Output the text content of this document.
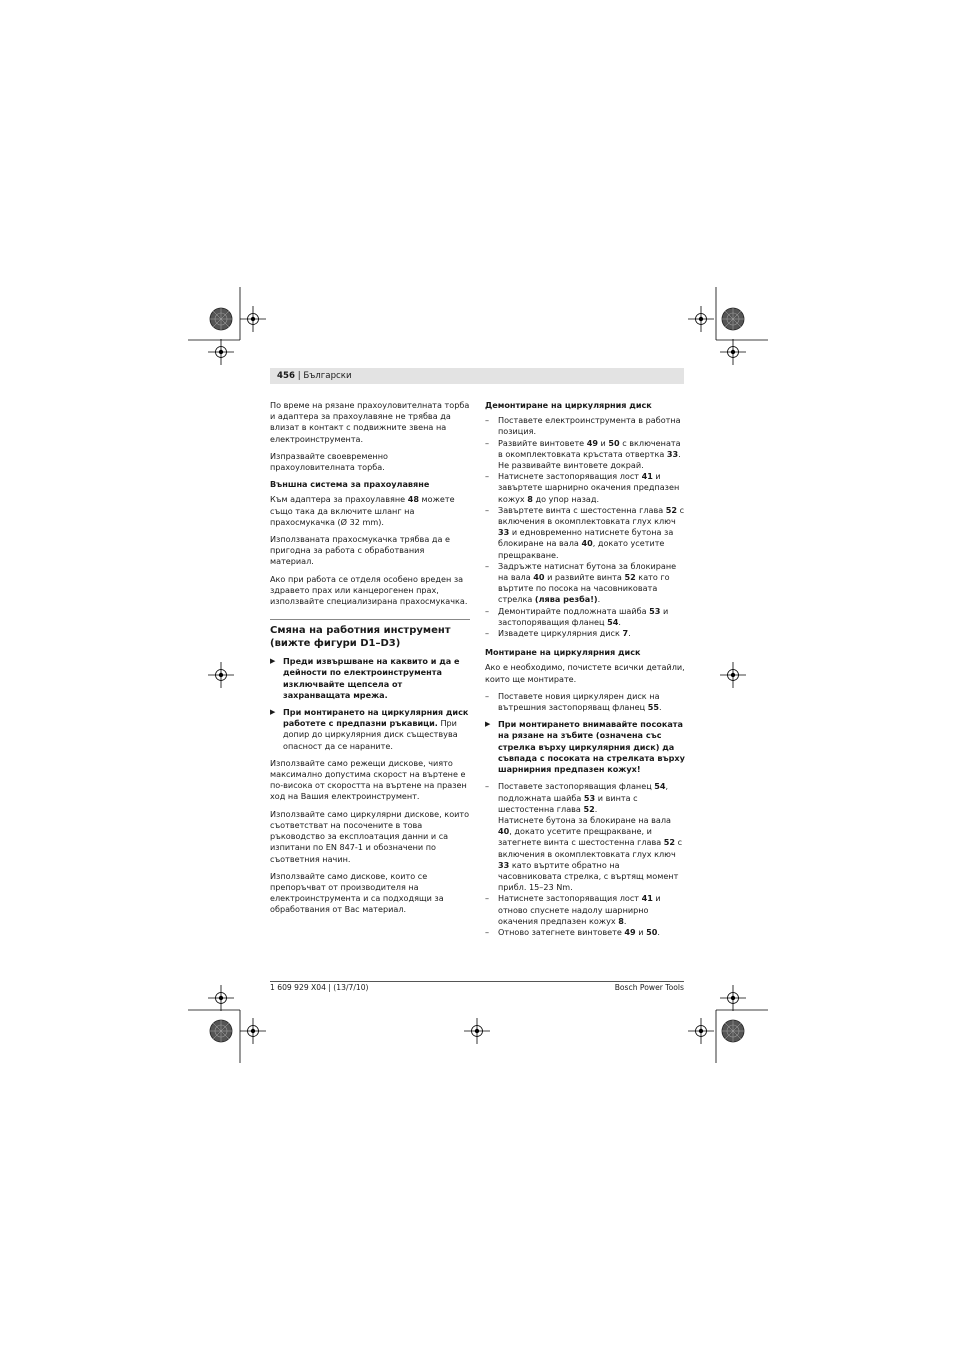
456 | Български

По време на рязане прахоуловителната торба и адаптера за прахоулавяне не трябва да влизат в контакт с подвижните звена на електроинструмента.

Изпразвайте своевременно прахоуловителната торба.

Външна система за прахоулавяне

Към адаптера за прахоулавяне 48 можете също така да включите шланг на прахосмукачка (Ø 32 mm).

Използваната прахосмукачка трябва да е пригодна за работа с обработвания материал.

Ако при работа се отделя особено вреден за здравето прах или канцерогенен прах, използвайте специализирана прахосмукачка.

Смяна на работния инструмент (вижте фигури D1–D3)
▶ Преди извършване на каквито и да е дейности по електроинструмента изключвайте щепсела от захранващата мрежа.
▶ При монтирането на циркулярния диск работете с предпазни ръкавици. При допир до циркулярния диск съществува опасност да се нараните.

Използвайте само режещи дискове, чиято максимално допустима скорост на въртене е по-висока от скоростта на въртене на празен ход на Вашия електроинструмент.

Използвайте само циркулярни дискове, които съответстват на посочените в това ръководство за експлоатация данни и са изпитани по EN 847-1 и обозначени по съответния начин.

Използвайте само дискове, които се препоръчват от производителя на електроинструмента и са подходящи за обработвания от Вас материал.

Демонтиране на циркулярния диск
– Поставете електроинструмента в работна позиция.
– Развийте винтовете 49 и 50 с включената в окомплектовката кръстата отвертка 33.
Не развивайте винтовете докрай.
– Натиснете застопоряващия лост 41 и завъртете шарнирно окачения предпазен кожух 8 до упор назад.
– Завъртете винта с шестостенна глава 52 с включения в окомплектовката глух ключ 33 и едновременно натиснете бутона за блокиране на вала 40, докато усетите прещракване.
– Задръжте натиснат бутона за блокиране на вала 40 и развийте винта 52 като го въртите по посока на часовниковата стрелка (лява резба!).
– Демонтирайте подложната шайба 53 и застопоряващия фланец 54.
– Извадете циркулярния диск 7.
Монтиране на циркулярния диск

Ако е необходимо, почистете всички детайли, които ще монтирате.

– Поставете новия циркулярен диск на вътрешния застопоряващ фланец 55.
▶ При монтирането внимавайте посоката на рязане на зъбите (означена със стрелка върху циркулярния диск) да съвпада с посоката на стрелката върху шарнирния предпазен кожух!
– Поставете застопоряващия фланец 54, подложната шайба 53 и винта с шестостенна глава 52.
Натиснете бутона за блокиране на вала 40, докато усетите прещракване, и затегнете винта с шестостенна глава 52 с включения в окомплектовката глух ключ 33 като въртите обратно на часовниковата стрелка, с въртящ момент прибл. 15–23 Nm.
– Натиснете застопоряващия лост 41 и отново спуснете надолу шарнирно окачения предпазен кожух 8.
– Отново затегнете винтовете 49 и 50.
1 609 929 X04 | (13/7/10)	Bosch Power Tools
